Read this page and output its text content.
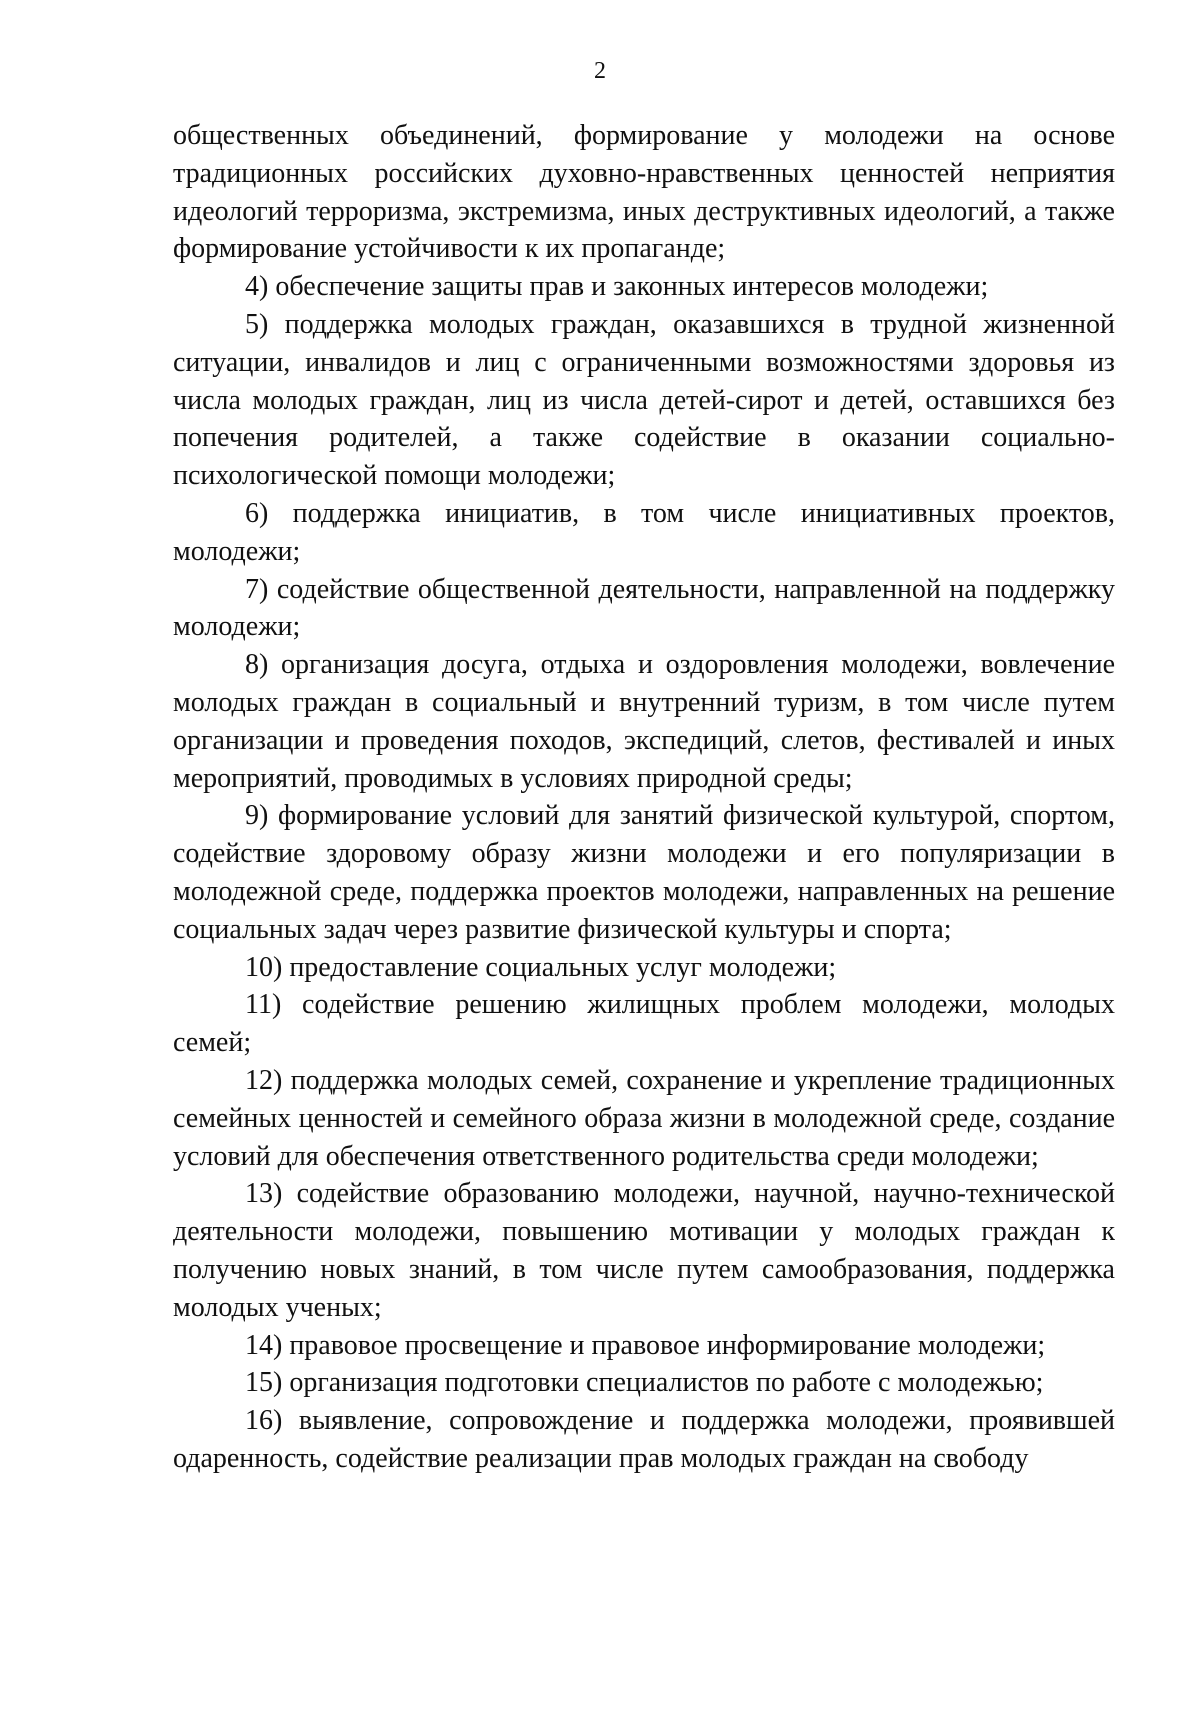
2

общественных объединений, формирование у молодежи на основе традиционных российских духовно-нравственных ценностей неприятия идеологий терроризма, экстремизма, иных деструктивных идеологий, а также формирование устойчивости к их пропаганде;

4) обеспечение защиты прав и законных интересов молодежи;

5) поддержка молодых граждан, оказавшихся в трудной жизненной ситуации, инвалидов и лиц с ограниченными возможностями здоровья из числа молодых граждан, лиц из числа детей-сирот и детей, оставшихся без попечения родителей, а также содействие в оказании социально-психологической помощи молодежи;

6) поддержка инициатив, в том числе инициативных проектов, молодежи;

7) содействие общественной деятельности, направленной на поддержку молодежи;

8) организация досуга, отдыха и оздоровления молодежи, вовлечение молодых граждан в социальный и внутренний туризм, в том числе путем организации и проведения походов, экспедиций, слетов, фестивалей и иных мероприятий, проводимых в условиях природной среды;

9) формирование условий для занятий физической культурой, спортом, содействие здоровому образу жизни молодежи и его популяризации в молодежной среде, поддержка проектов молодежи, направленных на решение социальных задач через развитие физической культуры и спорта;

10) предоставление социальных услуг молодежи;

11) содействие решению жилищных проблем молодежи, молодых семей;

12) поддержка молодых семей, сохранение и укрепление традиционных семейных ценностей и семейного образа жизни в молодежной среде, создание условий для обеспечения ответственного родительства среди молодежи;

13) содействие образованию молодежи, научной, научно-технической деятельности молодежи, повышению мотивации у молодых граждан к получению новых знаний, в том числе путем самообразования, поддержка молодых ученых;

14) правовое просвещение и правовое информирование молодежи;

15) организация подготовки специалистов по работе с молодежью;

16) выявление, сопровождение и поддержка молодежи, проявившей одаренность, содействие реализации прав молодых граждан на свободу
